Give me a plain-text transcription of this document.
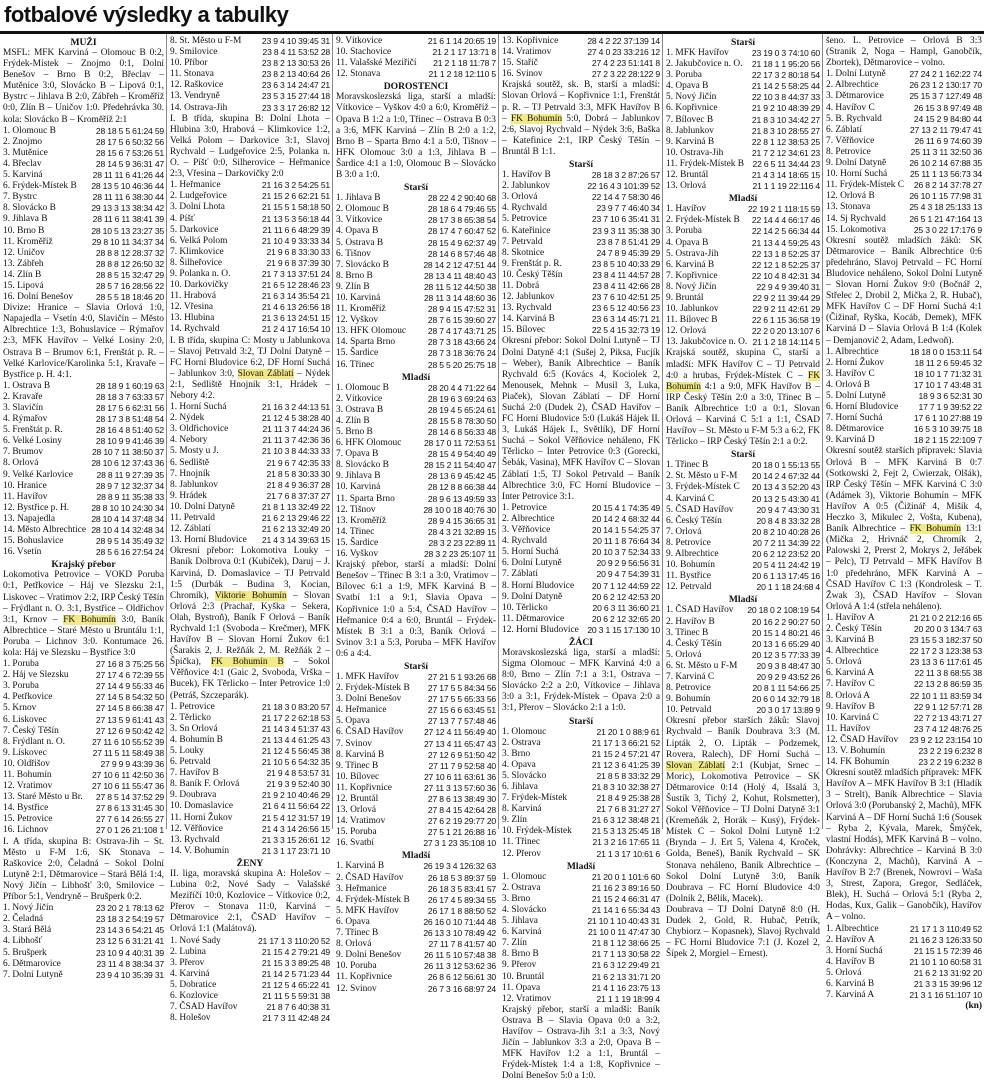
fotbalové výsledky a tabulky
MUŽI

MSFL: MFK Karviná – Olomouc B 0:2, Frýdek-Místek – Znojmo 0:1, Dolní Benešov – Brno B 0:2, Břeclav – Mutěnice 3:0, Slovácko B – Lipová 0:1, Bystrc – Jihlava B 2:0, Zábřeh – Kroměříž 0:0, Zlín B – Uničov 1:0. Předehrávka 30. kola: Slovácko B – Kroměříž 2:1

1. Olomouc B	28 18 5 5 61:24 59
2. Znojmo	28 17 5 6 50:32 56
3. Mutěnice	28 15 6 7 53:26 51
4. Břeclav	28 14 5 9 36:31 47
5. Karviná	28 11 11 6 41:26 44
6. Frýdek-Místek B	28 13 5 10 46:36 44
7. Bystrc	28 11 11 6 38:30 44
8. Slovácko B	29 13 3 13 38:34 42
9. Jihlava B	28 11 6 11 38:41 39
10. Brno B	28 10 5 13 23:27 35
11. Kroměříž	29 8 10 11 34:37 34
12. Uničov	28 8 8 12 28:37 32
13. Zábřeh	28 8 8 12 26:50 32
14. Zlín B	28 8 5 15 32:47 29
15. Lipová	28 5 7 16 28:56 22
16. Dolní Benešov	28 5 5 18 18:46 20

Divize: Hranice – Slavia Orlová 1:0, Napajedla – Vsetín 4:0, Slavičín – Město Albrechtice 1:3, Bohuslavice – Rýmařov 2:3, MFK Havířov – Velké Losiny 2:0, Ostrava B – Brumov 6:1, Frenštát p. R. – Velké Karlovice/Karolinka 5:1, Kravaře – Bystřice p. H. 4:1.

1. Ostrava B	28 18 9 1 60:19 63
2. Kravaře	28 18 3 7 63:33 57
3. Slavičín	28 17 5 6 62:31 56
4. Rýmařov	28 17 3 8 51:48 54
5. Frenštát p. R.	28 16 4 8 51:40 52
6. Velké Losiny	28 10 9 9 41:46 39
7. Brumov	28 10 7 11 38:50 37
8. Orlová	28 10 6 12 37:43 36
9. Velké Karlovice	28 8 11 9 27:39 35
10. Hranice	28 9 7 12 32:37 34
11. Havířov	28 8 9 11 35:38 33
12. Bystřice p. H.	28 8 10 10 24:30 34
13. Napajedla	28 10 4 14 37:48 34
14. Město Albrechtice 28 10 4 14 32:48 34
15. Bohuslavice	28 9 5 14 35:49 32
16. Vsetín	28 5 6 16 27:54 24
Krajský přebor

Lokomotiva Petrovice – VOKD Poruba 0:1, Petřkovice – Háj ve Slezsku 2:1, Liskovec – Vratimov 2:2, IRP Český Těšín – Frýdlant n. O. 3:1, Bystřice – Oldřichov 3:1, Krnov – FK Bohumín 3:0, Baník Albrechtice – Staré Město u Bruntálu 1:1, Poruba – Lichnov 3:0. Kontumace 26. kola: Háj ve Slezsku – Bystřice 3:0

1. Poruba	27 16 8 3 75:25 56
2. Háj ve Slezsku	27 17 4 6 72:39 55
3. Poruba	27 14 4 9 55:33 46
4. Petřkovice	27 14 5 8 54:32 50
5. Krnov	27 14 5 8 66:38 47
6. Liskovec	27 13 5 9 61:41 43
7. Český Těšín	27 12 6 9 50:42 42
8. Frýdlant n. O.	27 11 6 10 55:52 39
9. Lískovec	27 11 5 11 58:49 38
10. Oldřišov	27 9 9 9 43:39 36
11. Bohumín	27 10 6 11 42:50 36
12. Vratimov	27 10 6 11 55:47 36
13. Staré Město u Br.	27 8 5 14 37:52 29
14. Bystřice	27 8 6 13 31:45 30
15. Petrovice	27 7 6 14 26:55 27
16. Lichnov	27 0 1 26 21:108 1

I. A třída, skupina B: Ostrava-Jih – St. Město u F-M 1:6, SK Stonava – Raškovice 2:0, Čeladná – Sokol Dolní Lutyně 2:1, Dětmarovice – Stará Bělá 1:4, Nový Jičín – Libhošť 3:0, Smilovice – Příbor 5:1, Vendryně – Brušperk 0:2.

1. Nový Jičín	23 20 2 1 78:13 62
2. Čeladná	23 18 3 2 54:19 57
3. Stará Bělá	23 14 3 6 54:21 45
4. Libhošť	23 12 5 6 31:21 41
5. Brušperk	23 10 9 4 40:31 39
6. Dětmarovice	23 11 4 8 38:34 37
7. Dolní Lutyně	23 9 4 10 35:39 31
8. St. Město u F-M	23 9 4 10 39:45 31
9. Smilovice	23 8 4 11 53:52 28
10. Příbor	23 8 2 13 30:53 26
11. Stonava	23 8 2 13 40:64 26
12. Raškovice	23 6 3 14 24:47 21
13. Vendryně	23 5 3 15 27:44 18
14. Ostrava-Jih	23 3 3 17 26:82 12

I. B třída, skupina B: Dolní Lhota – Hlubina 3:0, Hrabová – Klimkovice 1:2, Velká Polom – Darkovice 3:1, Slavoj Rychvald – Ludgeřovice 2:5, Polanka n. O. – Píšť 0:0, Silherovice – Heřmanice 2:3, Vřesina – Darkovičky 2:0

1. Heřmanice	21 16 3 2 54:25 51
2. Ludgeřovice	21 15 2 6 62:21 51
3. Dolní Lhota	21 15 5 1 58:18 50
4. Píšť	21 13 5 3 56:18 44
5. Darkovice	21 11 6 6 48:29 39
6. Velká Polom	21 10 4 9 33:33 34
7. Klimkovice	21 9 6 8 33:30 33
8. Šilheřovice	21 9 6 8 37:39 30
9. Polanka n. O.	21 7 3 13 37:51 24
10. Darkovičky	21 6 5 12 28:46 23
11. Hrabová	21 6 3 14 35:54 21
12. Vřesina	21 4 6 13 26:56 18
13. Hlubina	21 3 6 13 24:51 15
14. Rychvald	21 2 4 17 16:54 10

I. B třída, skupina C: Mosty u Jablunkova – Slavoj Petrvald 3:2, TJ Dolní Datyně – FC Horní Bludovice 6:2, DF Horní Suchá – Jablunkov 3:0, Slovan Záblatí – Nýdek 2:1, Sedliště Hnojník 3:1, Hrádek – Nebory 4:2.

1. Horní Suchá	21 16 3 2 44:13 51
2. Nýdek	21 12 4 5 38:28 40
3. Oldřichovice	21 11 3 7 44:24 36
4. Nebory	21 11 3 7 42:36 36
5. Mosty u J.	21 10 3 8 44:33 33
6. Sedliště	21 9 6 7 42:35 33
7. Hnojník	21 8 5 8 30:33 30
8. Jablunkov	21 8 4 9 36:37 28
9. Hrádek	21 7 6 8 37:37 27
10. Dolní Datyně	21 8 1 13 32:49 22
11. Petrvald	21 6 2 13 29:46 22
12. Záblatí	21 6 2 13 32:49 20
13. Horní Bludovice	21 4 3 14 39:63 15

Okresní přebor: Lokomotiva Louky – Baník Dolbrova 0:1 (Kubíček), Daruj – J. Karviná, D. Domaslavice – TJ Petrvald 1:5 (Durbák – Budina 3, Kocian, Chromík), Viktorie Bohumín – Slovan Orlová 2:3 (Prachař, Kyška – Sekera, Olah, Bystroň), Baník F Orlová – Baník Rychvald 1:1 (Svoboda – Krečmer), MFK Havířov B – Slovan Horní Žukov 6:1 (Šarakis 2, J. Režňák 2, M. Režňák 2 – Špička), FK Bohumín B – Sokol Věřňovice 4:1 (Gaic 2, Svoboda, Vrška – Bucek), FK Těrlicko – Inter Petrovice 1:0 (Petráš, Szczeparák).

1. Petrovice	21 18 3 0 83:20 57
2. Těrlicko	21 17 2 2 62:18 53
3. Sn Orlová	21 14 3 4 51:37 43
4. Bohumín B	21 13 4 4 61:25 43
5. Louky	21 12 4 5 56:45 38
6. Petrvald	21 10 5 6 54:32 35
7. Havířov B	21 9 4 8 53:57 31
8. Baník F. Orlová	21 9 3 9 52:40 30
9. Doubrava	21 9 2 10 40:46 29
10. Domaslavice	21 6 4 11 56:64 22
11. Horní Žukov	21 5 4 12 31:57 19
12. Věřňovice	21 4 3 14 26:56 15
13. Rychvald	21 3 3 15 26:61 12
14. V. Bohumín	21 3 1 17 23:71 10
ŽENY

II. liga, moravská skupina A: Holešov – Lubina 0:2, Nové Sady – Valašské Meziříčí 10:0, Kozlovice – Vítkovice 0:2, Přerov – Stonava 11:0, Karviná – Dětmarovice 2:1, ČSAD Havířov – Orlová 1:1 (Malátová).

1. Nové Sady	21 17 1 3 110:20 52
2. Lubina	21 15 4 2 79:21 49
3. Přerov	21 15 3 3 89:25 48
4. Karviná	21 14 2 5 71:23 44
5. Dobratice	21 12 5 4 65:22 41
6. Kozlovice	21 11 5 5 59:31 38
7. ČSAD Havířov	21 8 7 6 40:38 31
8. Holešov	21 7 3 11 42:48 24
9. Vítkovice	21 6 1 14 20:65 19
10. Stachovice	21 2 1 17 13:71 8
11. Valašské Meziříčí	21 2 1 18 11:78 7
12. Stonava	21 1 2 18 12:110 5
DOROSTENCI

Moravskoslezská liga, starší a mladší: Vítkovice – Vyškov 4:0 a 6:0, Kroměříž – Opava B 1:2 a 1:0, Třinec – Ostrava B 0:3 a 3:6, MFK Karviná – Zlín B 2:0 a 1:2, Brno B – Sparta Brno 4:1 a 5:0, Tišnov – HFK Olomouc 3:0 a 1:3, Jihlava B – Šardice 4:1 a 1:0, Olomouc B – Slovácko B 3:0 a 1:0.

Starší
1. Jihlava B	28 22 4 2 90:40 68
2. Olomouc B	28 18 6 4 79:46 55
3. Vítkovice	28 17 3 8 65:38 54
4. Opava B	28 17 4 7 60:47 52
5. Ostrava B	28 15 4 9 62:37 49
6. Tišnov	28 14 6 8 57:46 48
7. Slovácko B	28 14 2 12 47:51 44
8. Brno B	28 13 4 11 48:40 43
9. Zlín B	28 11 5 12 44:50 38
10. Karviná	28 11 3 14 48:60 36
11. Kroměříž	28 9 4 15 47:52 31
12. Vyškov	28 7 6 15 39:60 27
13. HFK Olomouc	28 7 4 17 43:71 25
14. Sparta Brno	28 7 3 18 43:66 24
15. Šardice	28 7 3 18 36:76 24
16. Třinec	28 5 5 20 25:75 18
Mladší
1. Olomouc B	28 20 4 4 71:22 64
2. Vítkovice	28 19 6 3 69:24 63
3. Ostrava B	28 19 4 5 65:24 61
4. Zlín B	28 15 5 8 78:30 50
5. Brno B	28 14 6 8 56:33 48
6. HFK Olomouc	28 17 0 11 72:53 51
7. Opava B	28 15 4 9 54:40 49
8. Slovácko B	28 15 2 11 54:40 47
9. Jihlava B	28 13 6 9 45:42 45
10. Karviná	28 12 8 8 66:38 44
11. Sparta Brno	28 9 6 13 49:59 33
12. Tišnov	28 10 0 18 40:76 30
13. Kroměříž	28 9 4 15 36:65 31
14. Třinec	28 4 3 21 32:89 15
15. Šardice	28 3 2 23 22:89 11
16. Vyškov	28 3 2 23 25:107 11

Krajský přebor, starší a mladší: Dolní Benešov – Třinec B 3:1 a 3:0, Vratimov – Bílovec 6:1 a 1:9, MFK Karviná B – Svatbí 1:1 a 9:1, Slavia Opava – Kopřivnice 1:0 a 5:4, ČSAD Havířov – Heřmanice 0:4 a 6:0, Bruntál – Frýdek-Místek B 3:1 a 0:3, Baník Orlová – Svinov 3:1 a 5:3, Poruba – MFK Havířov 0:6 a 4:4.

Starší
1. MFK Havířov	27 21 5 1 93:26 68
2. Frýdek-Místek B	27 17 5 5 84:34 56
3. Dolní Benešov	27 17 5 5 65:33 56
4. Heřmanice	27 15 6 6 63:45 51
5. Opava	27 13 7 7 57:48 46
6. ČSAD Havířov	27 12 4 11 56:49 40
7. Svinov	27 13 4 11 65:47 43
8. Karviná B	27 12 6 9 51:50 42
9. Třinec B	27 11 7 9 52:58 40
10. Bílovec	27 10 6 11 63:61 36
11. Kopřivnice	27 11 3 13 57:60 36
12. Bruntál	27 8 6 13 38:49 30
13. Orlová	27 8 4 15 42:64 28
14. Vratimov	27 6 2 19 29:77 20
15. Poruba	27 5 1 21 26:88 16
16. Svatbí	27 3 1 23 35:108 10
Mladší
1. Karviná B	26 19 3 4 126:32 63
2. ČSAD Havířov	26 18 5 3 89:37 59
3. Heřmanice	26 18 3 5 83:41 57
4. Frýdek-Místek B	26 17 4 5 89:34 55
5. MFK Havířov	26 17 1 8 88:50 52
6. Opava	26 16 0 10 71:44 48
7. Třinec B	26 13 3 10 78:49 42
8. Orlová	27 11 7 8 41:57 40
9. Dolní Benešov	26 11 5 10 57:48 38
10. Poruba	26 11 3 12 53:62 36
11. Kopřivnice	26 8 6 12 56:61 30
12. Svinov	26 7 3 16 68:97 24
13. Kopřivnice	28 4 2 22 37:139 14
14. Vratimov	27 4 0 23 33:216 12
15. Staříč	27 4 2 23 51:141 8
16. Svinov	27 2 3 22 28:122 9

Krajská soutěž, sk. B, starší a mladší: Slovan Orlová – Kopřivnice 1:1, Frenštát p. R. – TJ Petrvald 3:3, MFK Havířov B – FK Bohumín 5:0, Dobrá – Jablunkov 2:6, Slavoj Rychvald – Nýdek 3:6, Baška – Katefinice 2:1, IRP Český Těšín – Bruntál B 1:1.

Starší
1. Havířov B	28 18 3 2 87:26 57
2. Jablunkov	22 16 4 3 101:39 52
3. Orlová	22 14 4 7 58:30 46
4. Rychvald	23 9 7 7 46:40 34
5. Petrovice	23 7 10 6 35:41 31
6. Kateřinice	23 9 3 11 35:38 30
7. Petrvald	23 8 7 8 51:41 29
8. Skotnice	24 7 8 9 45:39 29
9. Frenštát p. R.	23 8 5 10 40:33 29
10. Český Těšín	23 8 4 11 44:57 28
11. Dobrá	23 8 4 11 42:66 28
12. Jablunkov	23 7 6 10 42:51 25
13. Rychvald	23 6 5 12 40:56 23
14. Karviná B	23 6 3 14 45:71 21
15. Bílovec	22 5 4 15 32:73 19

Okresní přebor: Sokol Dolní Lutyně – TJ Dolní Datyně 4:1 (Sušej 2, Piksa, Fucjík – Weber), Baník Albrechtice – Baník Rychvald 6:5 (Kovács 4, Kociolek 2, Menousek, Mehnk – Musil 3, Luka, Piaček), Slovan Záblatí – DF Horní Suchá 2:0 (Dudek 2), ČSAD Havířov – FC Horní Bludovice 5:0 (Lukáš Hájek II. 3, Lukáš Hájek I., Světlík), DF Horní Suchá – Sokol Věřňovice neháleno, FK Těrlicko – Inter Petrovice 0:3 (Gorecki, Šebák, Vasina), MFK Havířov C – Slovan Záblatí 1:5, TJ Sokol Petrvald – Baník Albrechtice 3:0, FC Horní Bludovice – Inter Petrovice 3:1.

1. Petrovice	20 15 4 1 74:35 49
2. Albrechtice	20 14 2 4 68:32 44
3. Věřňovice	20 14 1 5 54:25 37
4. Rychvald	20 11 1 8 76:64 34
5. Horní Suchá	20 10 3 7 52:34 33
6. Dolní Lutyně	20 9 2 9 56:56 31
7. Záblatí	20 9 4 7 54:39 31
8. Horní Bludovice	20 7 1 12 44:59 22
9. Dolní Datyně	20 6 2 12 42:53 20
10. Těrlicko	20 6 3 11 36:60 21
11. Dětmarovice	20 6 2 12 32:65 20
12. Horní Bludovice 20 3 1 15 17:130 10
ŽÁCI

Moravskoslezská liga, starší a mladší: Sigma Olomouc – MFK Karviná 4:0 a 8:0, Brno – Zlín 7:1 a 3:1, Ostrava – Slovácko 2:2 a 2:0, Vítkovice – Jihlava 3:0 a 3:1, Frýdek-Místek – Opava 2:0 a 3:1, Přerov – Slovácko 2:1 a 1:0.

Starší
1. Olomouc	21 20 1 0 88:9 61
2. Ostrava	21 17 1 3 66:21 52
3. Brno	21 15 2 4 57:21 47
4. Opava	21 12 3 6 41:25 39
5. Slovácko	21 8 5 8 33:32 29
6. Jihlava	21 8 3 10 32:38 27
7. Frýdek-Místek	21 8 4 9 25:38 28
8. Karviná	21 7 6 8 31:27 27
9. Zlín	21 6 3 12 38:48 21
10. Frýdek-Místek	21 5 3 13 25:45 18
11. Třinec	21 3 2 16 17:65 11
12. Přerov	21 1 3 17 10:61 6
Mladší
1. Olomouc	21 20 0 1 101:6 60
2. Ostrava	21 16 2 3 89:16 50
3. Brno	21 15 2 4 66:31 47
4. Slovácko	21 14 1 6 55:34 43
5. Jihlava	21 10 1 10 40:43 31
6. Karviná	21 10 0 11 47:47 30
7. Zlín	21 8 1 12 38:66 25
8. Brno B	21 7 1 13 30:58 22
9. Přerov	21 6 3 12 29:49 21
10. Bruntál	21 6 2 13 31:71 20
11. Opava	21 4 1 16 23:75 13
12. Vratimov	21 1 1 19 18:99 4

Krajský přebor, starší a mladší: Baník Ostrava B – Slavia Opava 0:0 a 3:2, Havířov – Ostrava-Jih 3:1 a 3:3, Nový Jičín – Jablunkov 3:3 a 2:0, Opava B – MFK Havířov 1:2 a 1:1, Bruntál – Frýdek-Místek 1:4 a 1:8, Kopřivnice – Dolní Benešov 5:0 a 1:0.

Starší
1. MFK Havířov	23 19 0 3 74:10 60
2. Jakubčovice n. O.	21 18 1 1 95:20 56
3. Poruba	22 17 3 2 80:18 54
4. Opava B	21 14 2 5 58:25 44
5. Nový Jičín	22 10 3 8 44:37 33
6. Kopřivnice	21 9 2 10 48:39 29
7. Bílovec B	21 8 3 10 34:42 27
8. Jablunkov	21 8 3 10 28:55 27
9. Karviná B	22 8 1 12 38:53 25
10. Ostrava-Jih	21 7 2 12 34:61 23
11. Frýdek-Místek B 22 6 5 11 34:44 23
12. Bruntál	21 4 3 14 18:65 15
13. Orlová	21 1 1 19 22:116 4
Mladší
1. Havířov	22 19 2 1 118:15 59
2. Frýdek-Místek B	22 14 4 4 66:17 46
3. Poruba	22 14 2 5 66:34 44
4. Opava B	21 13 4 4 59:25 43
5. Ostrava-Jih	22 13 1 8 52:25 37
6. Karviná B	22 12 1 8 52:25 37
7. Kopřivnice	22 10 4 8 42:31 34
8. Nový Jičín	22 9 4 9 39:40 31
9. Bruntál	22 9 2 11 39:44 29
10. Jablunkov	22 9 2 11 42:61 29
11. Bílovec B	22 6 1 15 36:58 19
12. Orlová	22 2 0 20 13:107 6
13. Jakubčovice n. O. 21 1 2 18 14:114 5

Krajská soutěž, skupina C, starší a mladší: MFK Havířov C – TJ Petrvald 4:0 a hrubas, Frýdek-Místek C – FK Bohumín 4:1 a 9:0, MFK Havířov B – IRP Český Těšín 2:0 a 3:0, Třinec B – Baník Albrechtice 1:0 a 0:1, Slovan Orlová – Karviná C 5:1 a 1:1, ČSAD Havířov – St. Město u F-M 5:3 a 6:2, FK Těrlicko – IRP Český Těšín 2:1 a 0:2.

Starší
1. Třinec B	20 18 0 1 55:13 55
2. St. Město u F-M	20 14 2 4 67:32 44
3. Frýdek-Místek C	20 13 4 3 52:20 43
4. Karviná C	20 13 2 5 43:30 41
5. ČSAD Havířov	20 9 4 7 43:30 31
6. Český Těšín	20 8 4 8 33:32 28
7. Orlová	20 8 2 10 40:28 26
8. Petrovice	20 7 2 11 34:39 22
9. Albrechtice	20 6 2 12 23:52 20
10. Bohumín	20 5 4 11 24:42 19
11. Bystřice	20 6 1 13 17:45 16
12. Petrvald	20 1 1 18 24:68 4
Mladší
1. ČSAD Havířov	20 18 0 2 108:19 54
2. Havířov B	20 16 2 2 90:27 50
3. Třinec B	20 15 1 4 80:21 46
4. Český Těšín	20 13 1 6 65:29 40
5. Orlová	20 12 3 5 77:33 39
6. St. Město u F-M	20 9 3 8 48:47 30
7. Karviná C	20 9 2 9 43:52 26
8. Petrovice	20 8 1 11 54:66 25
9. Bohumín	20 6 0 14 32:79 18
10. Petrvald	20 3 0 17 13:89 9

Okresní přebor starších žáků: Slavoj Rychvald – Baník Doubrava 3:3 (M. Lipták 2, O. Lipták – Podzemek, Rovera, Ralech), DF Horní Suchá – Slovan Záblatí 2:1 (Kubjat, Srnec – Moric), Lokomotiva Petrovice – SK Dětmarovice 0:14 (Holý 4, Išsalá 3, Šustík 3, Tichý 2, Kohut, Rolsmetter), Sokol Věřňovice – TJ Dolní Datyně 3:1 (Kremeňák 2, Horák – Kusý), Frýdek-Místek C – Sokol Dolní Lutyně 1:2 (Brynda – J. Ert 5, Valena 4, Kroček, Golda, Beneš), Baník Rychvald – SK Stonava neháleno, Baník Albrechtice – Sokol Dolní Lutyně 3:0, Baník Doubrava – FC Horní Bludovice 4:0 (Dolnik 2, Bělík, Macek).

Doubrava – TJ Dolní Datyně 8:0 (H. Dudek 2, Gold, R. Hubač, Petrík, Chybiorz – Kopasnek), Slavoj Rychvald – FC Horní Bludovice 7:1 (J. Kozel 2, Šípek 2, Morgiel – Ernest).

šeno. L. Petrovice – Orlová B 3:3 (Stranik 2, Noga – Hampl, Ganobčík, Zbortek), Dětmarovice – volno.

1. Dolní Lutyně	27 24 2 1 162:22 74
2. Albrechtice	26 23 1 2 130:17 70
3. Dětmarovice	25 15 3 7 127:49 48
4. Havířov C	26 15 3 8 97:49 48
5. B. Rychvald	24 15 2 9 84:80 44
6. Záblatí	27 13 2 11 79:47 41
7. Věřňovice	26 11 6 9 74:60 39
8. Petrovice	25 11 3 11 32:50 36
9. Dolní Datyně	26 10 2 14 67:88 35
10. Horní Suchá	25 11 1 13 56:73 34
11. Frýdek-Místek C	26 8 2 14 37:78 27
12. Orlová B	26 10 1 15 77:98 31
13. Stonava	25 4 3 18 25:133 13
14. Sj Rychvald	26 5 1 21 47:164 13
15. Lokomotiva	25 3 0 22 17:176 9

Okresní soutěž mladších žáků: SK Dětmarovice – Baník Albrechtice 0:6 předehráno, Slavoj Petrvald – FC Horní Bludovice neháleno, Sokol Dolní Lutyně – Slovan Horní Žukov 9:0 (Bočnář 2, Střelec 2, Drobil 2, Mička 2, R. Hubač), MFK Havířov C – DF Horní Suchá 4:1 (Čižinař, Ryška, Kocáb, Demek), MFK Karviná D – Slavia Orlová B 1:4 (Kolek – Demjanovič 2, Adam, Ledwoň).

1. Albrechtice	18 18 0 0 153:11 54
2. Horní Žukov	18 11 2 6 59:45 32
3. Havířov C	18 10 1 7 71:32 31
4. Orlová B	17 10 1 7 43:48 31
5. Dolní Lutyně	18 9 3 6 52:31 30
6. Horní Bludovice	17 7 1 9 39:52 22
7. Horní Suchá	17 6 1 10 27:88 19
8. Dětmarovice	16 5 3 10 39:75 18
9. Karviná D	18 2 1 15 22:109 7

Okresní soutěž starších přípravek: Slavia Orlová B – MFK Karviná B 0:7 (Sotkowski 2, Fejt 2, Cwierzak, Olšák), IRP Český Těšín – MFK Karviná C 3:0 (Adámek 3), Viktorie Bohumín – MFK Havířov A 0:5 (Čižinář 4, Mišík 4, Heczko 3, Mikulec 2, Vošta, Kubena), Baník Albrechtice – FK Bohumín 13:1 (Mička 2, Hrivnáč 2, Chromík 2, Palowski 2, Prerst 2, Mokrys 2, Jeřábek – Pelc), TJ Petrvald – MFK Havířov B 1:0 předehráno, MFK Karviná A – ČSAD Havířov C 1:3 (Kondrolesk – T. Žwak 3), ČSAD Havířov – Slovan Orlová A 1:4 (střela neháleno).

1. Havířov A	21 21 0 2 212:16 65
2. Český Těšín	20 20 0 3 134:7 63
3. Karviná B	23 15 5 3 182:37 50
4. Albrechtice	22 17 2 3 123:38 53
5. Orlová	23 13 3 6 117:61 45
6. Karviná A	22 11 3 8 68:55 38
7. Havířov C	22 13 2 8 86:59 35
8. Orlová A	22 10 1 11 83:59 34
9. Havířov B	22 9 1 12 57:71 28
10. Karviná C	22 7 2 13 43:71 27
11. Havířov	23 7 4 12 48:76 25
12. ČSAD Havířov	23 9 2 12 23:154 10
13. V. Bohumín	23 2 2 19 6:232 8
14. FK Bohumín	23 2 2 19 6:232 8

Okresní soutěž mladších přípravek: MFK Havířov A – MFK Havířov B 3:1 (Hladík 3 – Strelt), Baník Albrechtice – Slavia Orlová 3:0 (Porubanský 2, Machů), MFK Karviná A – DF Horní Suchá 1:6 (Sousek – Ryba 2, Kývala, Marek, Šmýček, vlastní Hodás), MFK Karviná B – volno. Dohrávky: Albrechtice – Karviná B 3:0 (Konczyna 2, Machů), Karviná A – Havířov B 2:7 (Brenek, Nowrovi – Waša 3, Strest, Zapora, Gregor, Sedláček, Blek), H. Suchá – Orlová 5:1 (Ryba 2, Hodas, Kux, Galik – Ganobčík), Havířov A – volno.

1. Albrechtice	21 17 1 3 110:49 52
2. Havířov A	21 16 2 3 126:33 50
3. Horní Suchá	21 15 1 5 72:39 46
4. Havířov B	21 10 1 10 60:58 31
5. Orlová	21 6 2 13 31:92 20
6. Karviná B	21 3 3 15 39:96 12
7. Karviná A	21 3 1 16 51:107 10
(kn)
